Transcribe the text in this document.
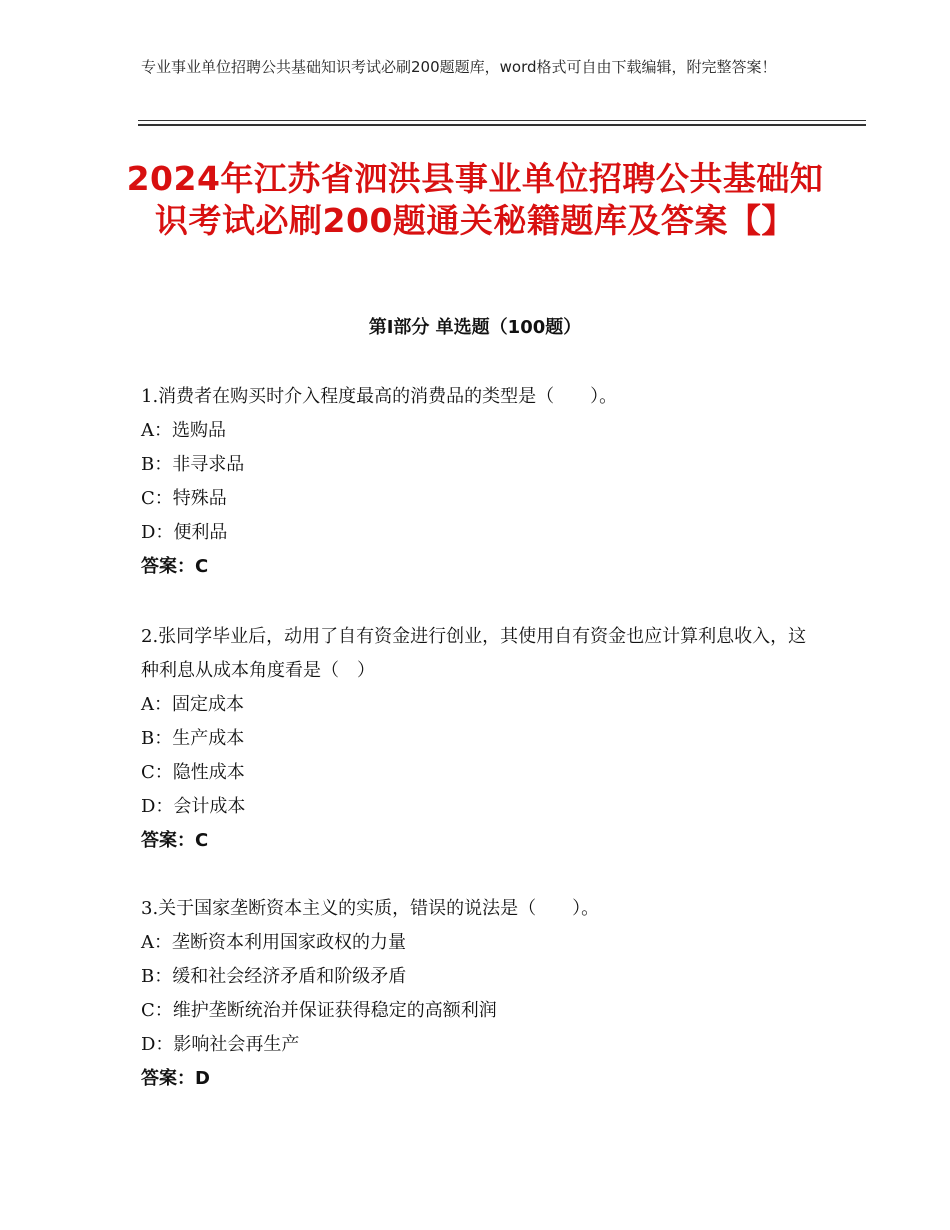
专业事业单位招聘公共基础知识考试必刷200题题库，word格式可自由下载编辑，附完整答案！
2024年江苏省泗洪县事业单位招聘公共基础知识考试必刷200题通关秘籍题库及答案【】
第Ⅰ部分 单选题（100题）
1.消费者在购买时介入程度最高的消费品的类型是（　　）。
A：选购品
B：非寻求品
C：特殊品
D：便利品
答案：C
2.张同学毕业后，动用了自有资金进行创业，其使用自有资金也应计算利息收入，这种利息从成本角度看是（　）
A：固定成本
B：生产成本
C：隐性成本
D：会计成本
答案：C
3.关于国家垄断资本主义的实质，错误的说法是（　　）。
A：垄断资本利用国家政权的力量
B：缓和社会经济矛盾和阶级矛盾
C：维护垄断统治并保证获得稳定的高额利润
D：影响社会再生产
答案：D
